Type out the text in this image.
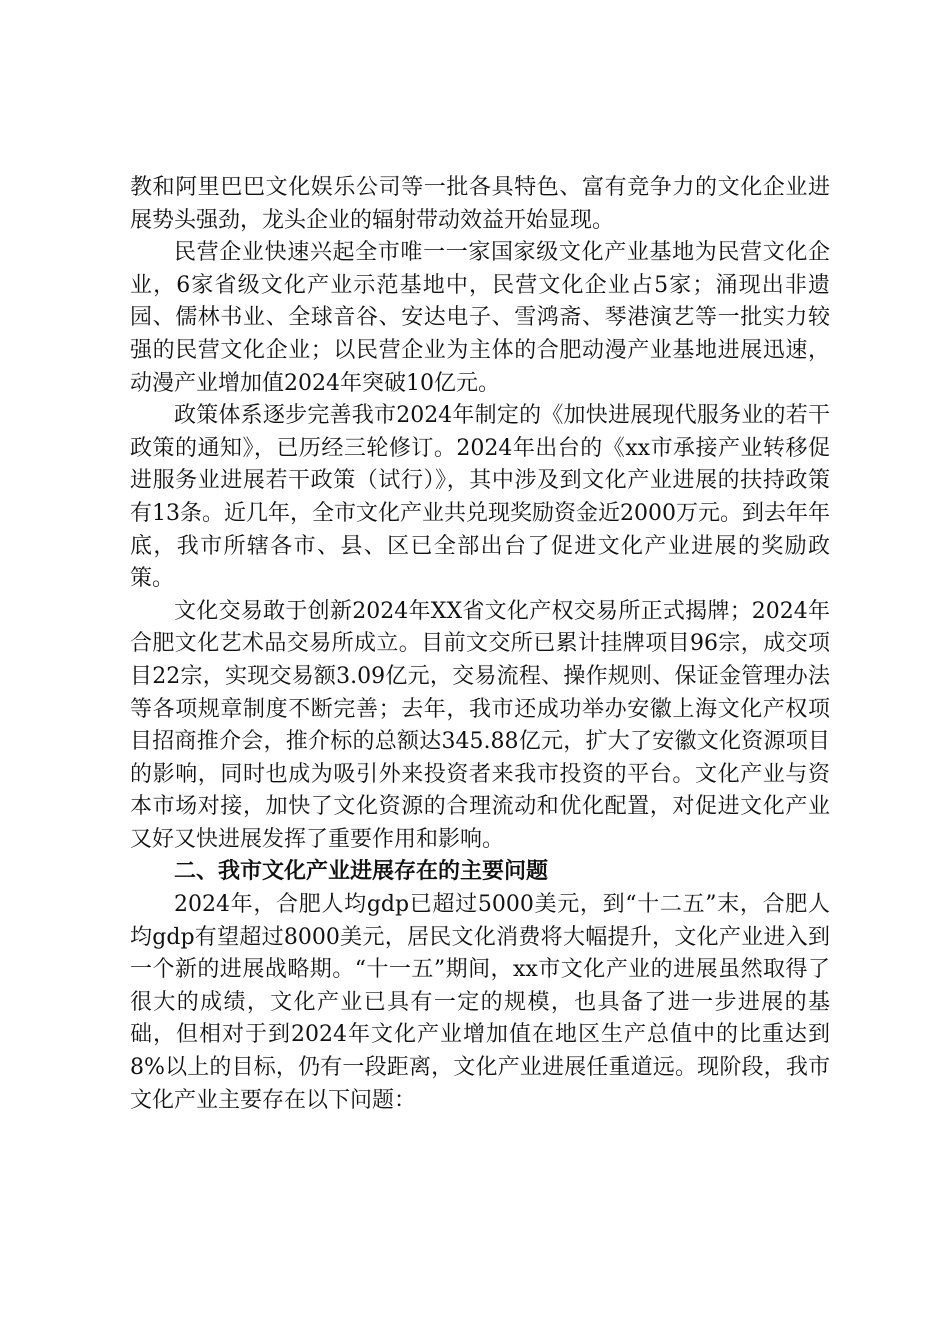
教和阿里巴巴文化娱乐公司等一批各具特色、富有竞争力的文化企业进展势头强劲，龙头企业的辐射带动效益开始显现。

民营企业快速兴起全市唯一一家国家级文化产业基地为民营文化企业，6家省级文化产业示范基地中，民营文化企业占5家；涌现出非遗园、儒林书业、全球音谷、安达电子、雪鸿斋、琴港演艺等一批实力较强的民营文化企业；以民营企业为主体的合肥动漫产业基地进展迅速，动漫产业增加值2024年突破10亿元。

政策体系逐步完善我市2024年制定的《加快进展现代服务业的若干政策的通知》，已历经三轮修订。2024年出台的《xx市承接产业转移促进服务业进展若干政策（试行）》，其中涉及到文化产业进展的扶持政策有13条。近几年，全市文化产业共兑现奖励资金近2000万元。到去年年底，我市所辖各市、县、区已全部出台了促进文化产业进展的奖励政策。

文化交易敢于创新2024年XX省文化产权交易所正式揭牌；2024年合肥文化艺术品交易所成立。目前文交所已累计挂牌项目96宗，成交项目22宗，实现交易额3.09亿元，交易流程、操作规则、保证金管理办法等各项规章制度不断完善；去年，我市还成功举办安徽上海文化产权项目招商推介会，推介标的总额达345.88亿元，扩大了安徽文化资源项目的影响，同时也成为吸引外来投资者来我市投资的平台。文化产业与资本市场对接，加快了文化资源的合理流动和优化配置，对促进文化产业又好又快进展发挥了重要作用和影响。

二、我市文化产业进展存在的主要问题

2024年，合肥人均gdp已超过5000美元，到“十二五”末，合肥人均gdp有望超过8000美元，居民文化消费将大幅提升，文化产业进入到一个新的进展战略期。“十一五”期间，xx市文化产业的进展虽然取得了很大的成绩，文化产业已具有一定的规模，也具备了进一步进展的基础，但相对于到2024年文化产业增加值在地区生产总值中的比重达到8%以上的目标，仍有一段距离，文化产业进展任重道远。现阶段，我市文化产业主要存在以下问题：
